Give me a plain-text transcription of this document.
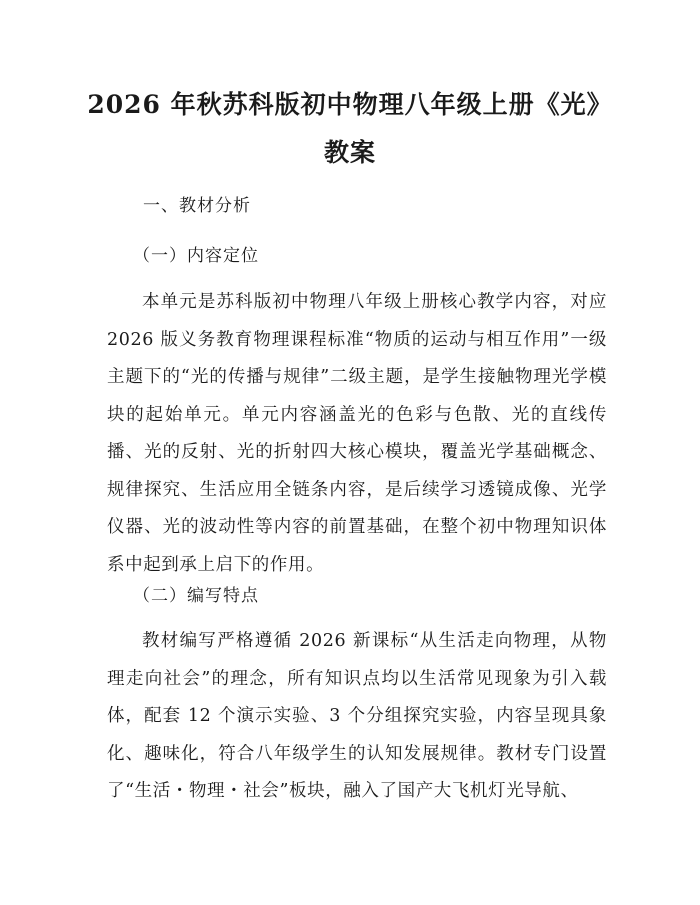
2026 年秋苏科版初中物理八年级上册《光》
教案
一、教材分析
（一）内容定位
本单元是苏科版初中物理八年级上册核心教学内容，对应2026 版义务教育物理课程标准“物质的运动与相互作用”一级主题下的“光的传播与规律”二级主题，是学生接触物理光学模块的起始单元。单元内容涵盖光的色彩与色散、光的直线传播、光的反射、光的折射四大核心模块，覆盖光学基础概念、规律探究、生活应用全链条内容，是后续学习透镜成像、光学仪器、光的波动性等内容的前置基础，在整个初中物理知识体系中起到承上启下的作用。
（二）编写特点
教材编写严格遵循 2026 新课标“从生活走向物理，从物理走向社会”的理念，所有知识点均以生活常见现象为引入载体，配套 12 个演示实验、3 个分组探究实验，内容呈现具象化、趣味化，符合八年级学生的认知发展规律。教材专门设置了“生活・物理・社会”板块，融入了国产大飞机灯光导航、
